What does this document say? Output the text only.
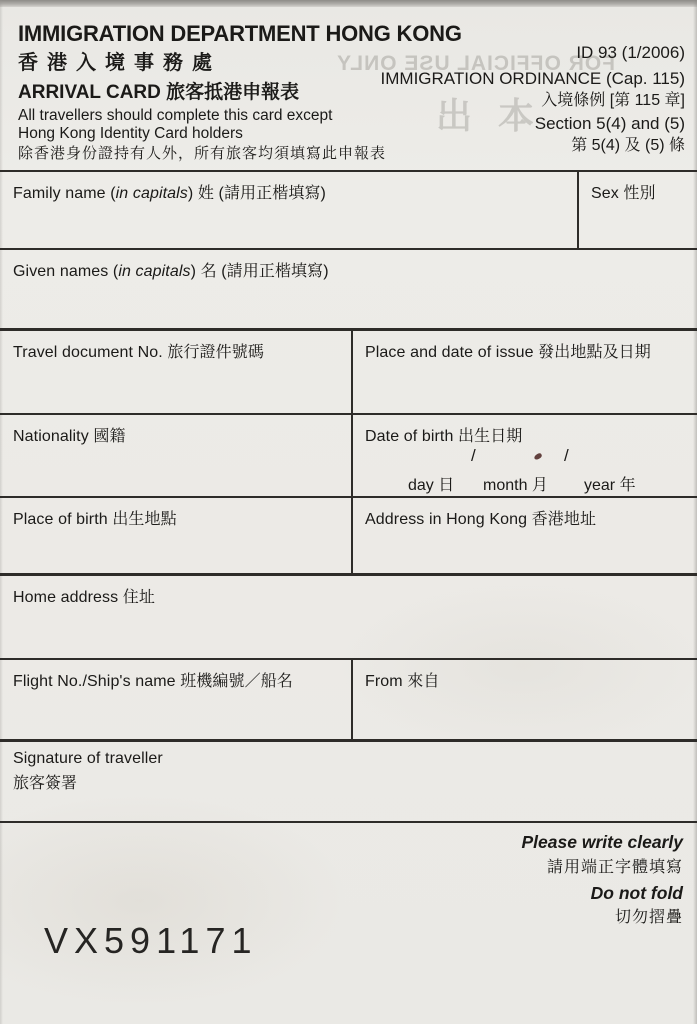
FOR OFFICIAL USE ONLY
出本
IMMIGRATION DEPARTMENT HONG KONG
香港入境事務處
ARRIVAL CARD 旅客抵港申報表
All travellers should complete this card except
Hong Kong Identity Card holders
除香港身份證持有人外，所有旅客均須填寫此申報表
ID 93 (1/2006)
IMMIGRATION ORDINANCE (Cap. 115)
入境條例 [第 115 章]
Section 5(4) and (5)
第 5(4) 及 (5) 條
Family name (in capitals) 姓 (請用正楷填寫)	Sex 性別
Given names (in capitals) 名 (請用正楷填寫)
Travel document No. 旅行證件號碼	Place and date of issue 發出地點及日期
Nationality 國籍	Date of birth 出生日期
/	/
day 日 month 月 year 年
Place of birth 出生地點	Address in Hong Kong 香港地址
Home address 住址
Flight No./Ship's name 班機編號／船名	From 來自
Signature of traveller
旅客簽署
Please write clearly
請用端正字體填寫
Do not fold
切勿摺疊
VX591171
